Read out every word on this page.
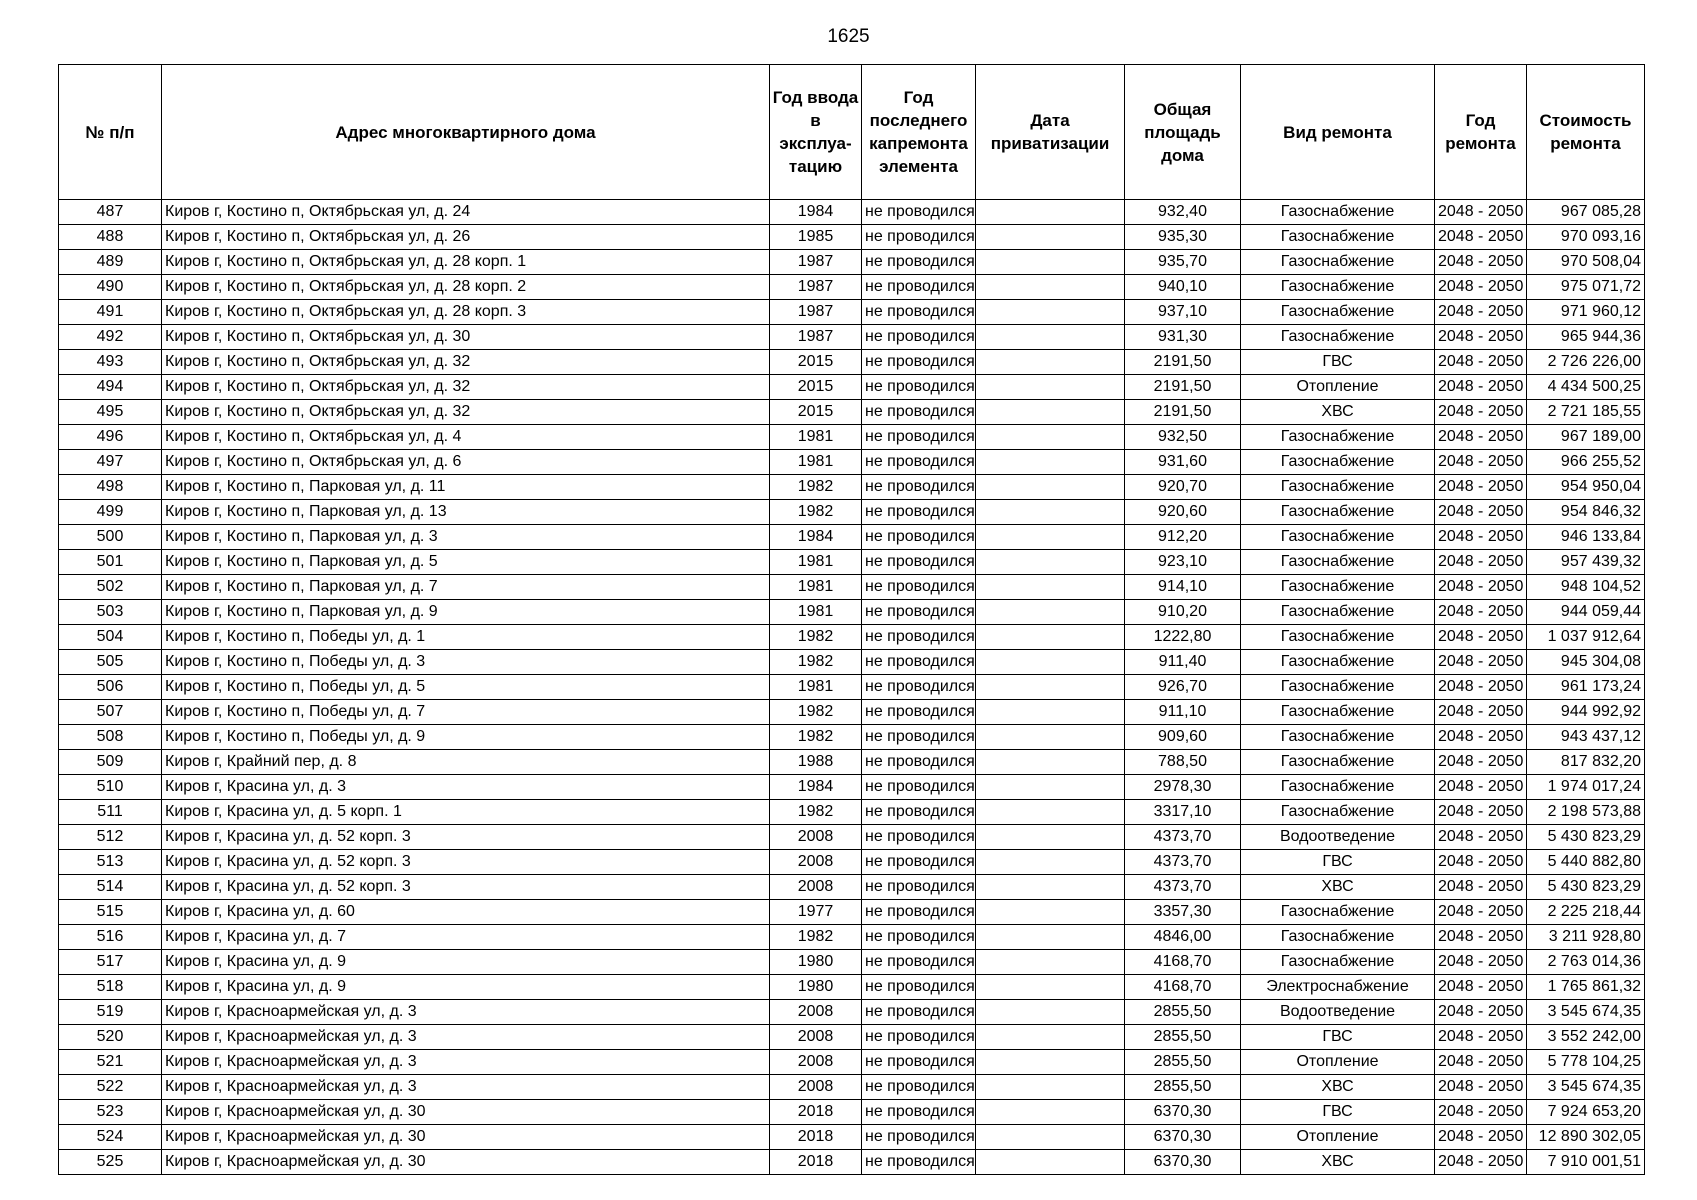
1625
№ п/п	Адрес многоквартирного дома	Год ввода в эксплуа-тацию	Год последнего капремонта элемента	Дата приватизации	Общая площадь дома	Вид ремонта	Год ремонта	Стоимость ремонта
487	Киров г, Костино п, Октябрьская ул, д. 24	1984	не проводился		932,40	Газоснабжение	2048 - 2050	967 085,28
488	Киров г, Костино п, Октябрьская ул, д. 26	1985	не проводился		935,30	Газоснабжение	2048 - 2050	970 093,16
489	Киров г, Костино п, Октябрьская ул, д. 28 корп. 1	1987	не проводился		935,70	Газоснабжение	2048 - 2050	970 508,04
490	Киров г, Костино п, Октябрьская ул, д. 28 корп. 2	1987	не проводился		940,10	Газоснабжение	2048 - 2050	975 071,72
491	Киров г, Костино п, Октябрьская ул, д. 28 корп. 3	1987	не проводился		937,10	Газоснабжение	2048 - 2050	971 960,12
492	Киров г, Костино п, Октябрьская ул, д. 30	1987	не проводился		931,30	Газоснабжение	2048 - 2050	965 944,36
493	Киров г, Костино п, Октябрьская ул, д. 32	2015	не проводился		2191,50	ГВС	2048 - 2050	2 726 226,00
494	Киров г, Костино п, Октябрьская ул, д. 32	2015	не проводился		2191,50	Отопление	2048 - 2050	4 434 500,25
495	Киров г, Костино п, Октябрьская ул, д. 32	2015	не проводился		2191,50	ХВС	2048 - 2050	2 721 185,55
496	Киров г, Костино п, Октябрьская ул, д. 4	1981	не проводился		932,50	Газоснабжение	2048 - 2050	967 189,00
497	Киров г, Костино п, Октябрьская ул, д. 6	1981	не проводился		931,60	Газоснабжение	2048 - 2050	966 255,52
498	Киров г, Костино п, Парковая ул, д. 11	1982	не проводился		920,70	Газоснабжение	2048 - 2050	954 950,04
499	Киров г, Костино п, Парковая ул, д. 13	1982	не проводился		920,60	Газоснабжение	2048 - 2050	954 846,32
500	Киров г, Костино п, Парковая ул, д. 3	1984	не проводился		912,20	Газоснабжение	2048 - 2050	946 133,84
501	Киров г, Костино п, Парковая ул, д. 5	1981	не проводился		923,10	Газоснабжение	2048 - 2050	957 439,32
502	Киров г, Костино п, Парковая ул, д. 7	1981	не проводился		914,10	Газоснабжение	2048 - 2050	948 104,52
503	Киров г, Костино п, Парковая ул, д. 9	1981	не проводился		910,20	Газоснабжение	2048 - 2050	944 059,44
504	Киров г, Костино п, Победы ул, д. 1	1982	не проводился		1222,80	Газоснабжение	2048 - 2050	1 037 912,64
505	Киров г, Костино п, Победы ул, д. 3	1982	не проводился		911,40	Газоснабжение	2048 - 2050	945 304,08
506	Киров г, Костино п, Победы ул, д. 5	1981	не проводился		926,70	Газоснабжение	2048 - 2050	961 173,24
507	Киров г, Костино п, Победы ул, д. 7	1982	не проводился		911,10	Газоснабжение	2048 - 2050	944 992,92
508	Киров г, Костино п, Победы ул, д. 9	1982	не проводился		909,60	Газоснабжение	2048 - 2050	943 437,12
509	Киров г, Крайний пер, д. 8	1988	не проводился		788,50	Газоснабжение	2048 - 2050	817 832,20
510	Киров г, Красина ул, д. 3	1984	не проводился		2978,30	Газоснабжение	2048 - 2050	1 974 017,24
511	Киров г, Красина ул, д. 5 корп. 1	1982	не проводился		3317,10	Газоснабжение	2048 - 2050	2 198 573,88
512	Киров г, Красина ул, д. 52 корп. 3	2008	не проводился		4373,70	Водоотведение	2048 - 2050	5 430 823,29
513	Киров г, Красина ул, д. 52 корп. 3	2008	не проводился		4373,70	ГВС	2048 - 2050	5 440 882,80
514	Киров г, Красина ул, д. 52 корп. 3	2008	не проводился		4373,70	ХВС	2048 - 2050	5 430 823,29
515	Киров г, Красина ул, д. 60	1977	не проводился		3357,30	Газоснабжение	2048 - 2050	2 225 218,44
516	Киров г, Красина ул, д. 7	1982	не проводился		4846,00	Газоснабжение	2048 - 2050	3 211 928,80
517	Киров г, Красина ул, д. 9	1980	не проводился		4168,70	Газоснабжение	2048 - 2050	2 763 014,36
518	Киров г, Красина ул, д. 9	1980	не проводился		4168,70	Электроснабжение	2048 - 2050	1 765 861,32
519	Киров г, Красноармейская ул, д. 3	2008	не проводился		2855,50	Водоотведение	2048 - 2050	3 545 674,35
520	Киров г, Красноармейская ул, д. 3	2008	не проводился		2855,50	ГВС	2048 - 2050	3 552 242,00
521	Киров г, Красноармейская ул, д. 3	2008	не проводился		2855,50	Отопление	2048 - 2050	5 778 104,25
522	Киров г, Красноармейская ул, д. 3	2008	не проводился		2855,50	ХВС	2048 - 2050	3 545 674,35
523	Киров г, Красноармейская ул, д. 30	2018	не проводился		6370,30	ГВС	2048 - 2050	7 924 653,20
524	Киров г, Красноармейская ул, д. 30	2018	не проводился		6370,30	Отопление	2048 - 2050	12 890 302,05
525	Киров г, Красноармейская ул, д. 30	2018	не проводился		6370,30	ХВС	2048 - 2050	7 910 001,51
